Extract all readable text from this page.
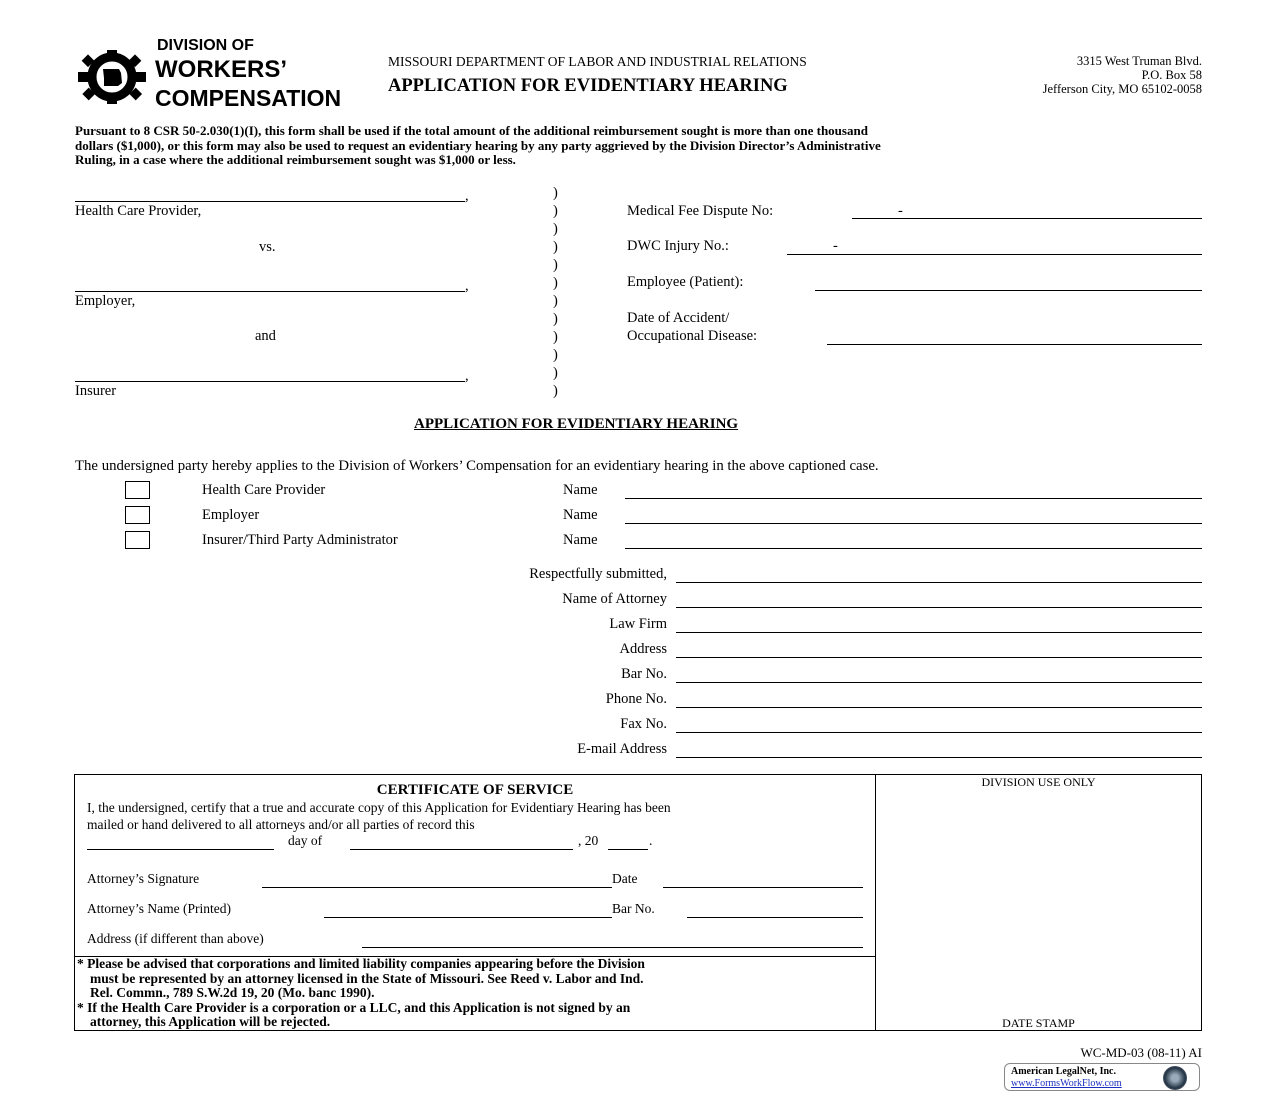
DIVISION OF
WORKERS’
COMPENSATION
MISSOURI DEPARTMENT OF LABOR AND INDUSTRIAL RELATIONS
APPLICATION FOR EVIDENTIARY HEARING
3315 West Truman Blvd.
P.O. Box 58
Jefferson City, MO 65102-0058
Pursuant to 8 CSR 50-2.030(1)(I), this form shall be used if the total amount of the additional reimbursement sought is more than one thousand
dollars ($1,000), or this form may also be used to request an evidentiary hearing by any party aggrieved by the Division Director’s Administrative
Ruling, in a case where the additional reimbursement sought was $1,000 or less.
,
Health Care Provider,
vs.
,
Employer,
and
,
Insurer
)
)
)
)
)
)
)
)
)
)
)
)
Medical Fee Dispute No:	-
DWC Injury No.:	-
Employee (Patient):
Date of Accident/
Occupational Disease:
APPLICATION FOR EVIDENTIARY HEARING
The undersigned party hereby applies to the Division of Workers’ Compensation for an evidentiary hearing in the above captioned case.
Health Care Provider	Name
Employer	Name
Insurer/Third Party Administrator	Name
Respectfully submitted,
Name of Attorney
Law Firm
Address
Bar No.
Phone No.
Fax No.
E-mail Address
CERTIFICATE OF SERVICE
I, the undersigned, certify that a true and accurate copy of this Application for Evidentiary Hearing has been
mailed or hand delivered to all attorneys and/or all parties of record this
day of	, 20	.
Attorney’s Signature	Date
Attorney’s Name (Printed)	Bar No.
Address (if different than above)
* Please be advised that corporations and limited liability companies appearing before the Division
must be represented by an attorney licensed in the State of Missouri. See Reed v. Labor and Ind.
Rel. Commn., 789 S.W.2d 19, 20 (Mo. banc 1990).
* If the Health Care Provider is a corporation or a LLC, and this Application is not signed by an
attorney, this Application will be rejected.
DIVISION USE ONLY
DATE STAMP
WC-MD-03 (08-11) AI
American LegalNet, Inc.
www.FormsWorkFlow.com
